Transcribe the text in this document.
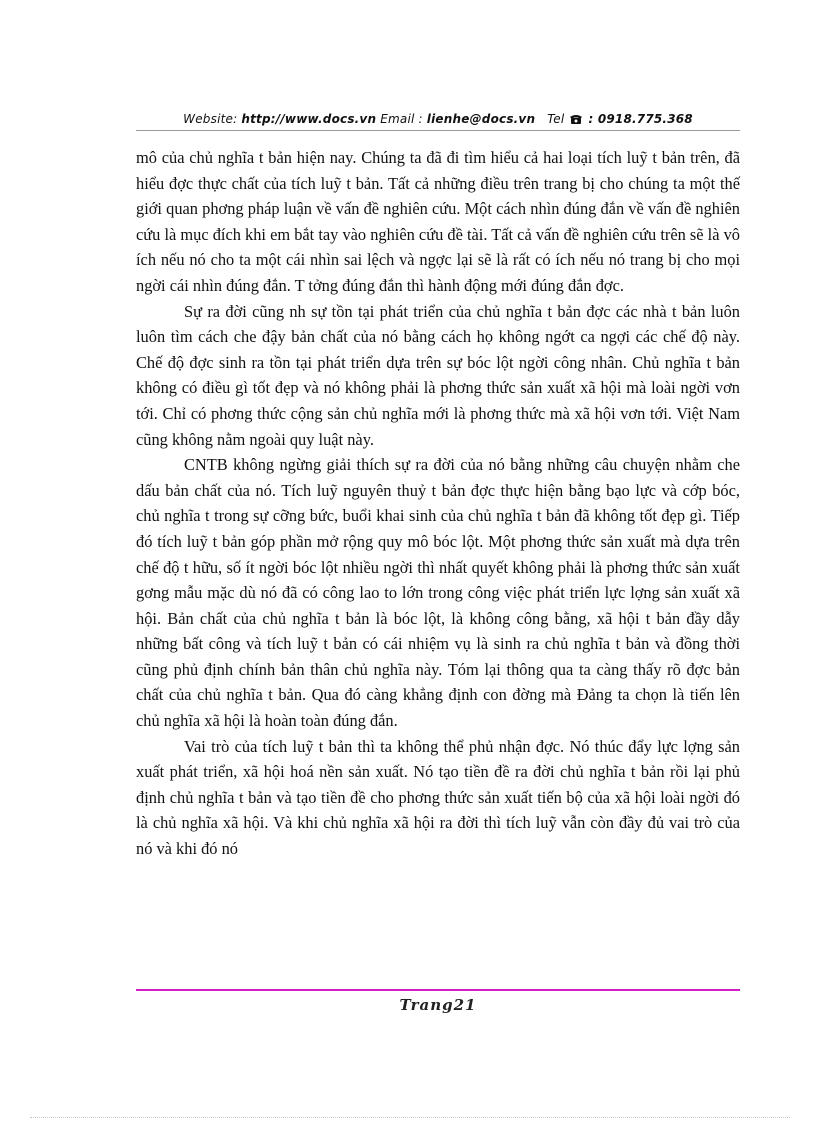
Website: http://www.docs.vn Email : lienhe@docs.vn Tel : 0918.775.368

mô của chủ nghĩa t bản hiện nay. Chúng ta đã đi tìm hiểu cả hai loại tích luỹ t bản trên, đã hiểu đợc thực chất của tích luỹ t bản. Tất cả những điều trên trang bị cho chúng ta một thế giới quan phơng pháp luận về vấn đề nghiên cứu. Một cách nhìn đúng đắn về vấn đề nghiên cứu là mục đích khi em bắt tay vào nghiên cứu đề tài. Tất cả vấn đề nghiên cứu trên sẽ là vô ích nếu nó cho ta một cái nhìn sai lệch và ngợc lại sẽ là rất có ích nếu nó trang bị cho mọi ngời cái nhìn đúng đắn. T tởng đúng đắn thì hành động mới đúng đắn đợc.

Sự ra đời cũng nh sự tồn tại phát triển của chủ nghĩa t bản đợc các nhà t bản luôn luôn tìm cách che đậy bản chất của nó bằng cách họ không ngớt ca ngợi các chế độ này. Chế độ đợc sinh ra tồn tại phát triển dựa trên sự bóc lột ngời công nhân. Chủ nghĩa t bản không có điều gì tốt đẹp và nó không phải là phơng thức sản xuất xã hội mà loài ngời vơn tới. Chỉ có phơng thức cộng sản chủ nghĩa mới là phơng thức mà xã hội vơn tới. Việt Nam cũng không nằm ngoài quy luật này.

CNTB không ngừng giải thích sự ra đời của nó bằng những câu chuyện nhằm che dấu bản chất của nó. Tích luỹ nguyên thuỷ t bản đợc thực hiện bằng bạo lực và cớp bóc, chủ nghĩa t trong sự cỡng bức, buổi khai sinh của chủ nghĩa t bản đã không tốt đẹp gì. Tiếp đó tích luỹ t bản góp phần mở rộng quy mô bóc lột. Một phơng thức sản xuất mà dựa trên chế độ t hữu, số ít ngời bóc lột nhiều ngời thì nhất quyết không phải là phơng thức sản xuất gơng mẫu mặc dù nó đã có công lao to lớn trong công việc phát triển lực lợng sản xuất xã hội. Bản chất của chủ nghĩa t bản là bóc lột, là không công bằng, xã hội t bản đầy dẫy những bất công và tích luỹ t bản có cái nhiệm vụ là sinh ra chủ nghĩa t bản và đồng thời cũng phủ định chính bản thân chủ nghĩa này. Tóm lại thông qua ta càng thấy rõ đợc bản chất của chủ nghĩa t bản. Qua đó càng khẳng định con đờng mà Đảng ta chọn là tiến lên chủ nghĩa xã hội là hoàn toàn đúng đắn.

Vai trò của tích luỹ t bản thì ta không thể phủ nhận đợc. Nó thúc đẩy lực lợng sản xuất phát triển, xã hội hoá nền sản xuất. Nó tạo tiền đề ra đời chủ nghĩa t bản rồi lại phủ định chủ nghĩa t bản và tạo tiền đề cho phơng thức sản xuất tiến bộ của xã hội loài ngời đó là chủ nghĩa xã hội. Và khi chủ nghĩa xã hội ra đời thì tích luỹ vẫn còn đầy đủ vai trò của nó và khi đó nó

Trang21
